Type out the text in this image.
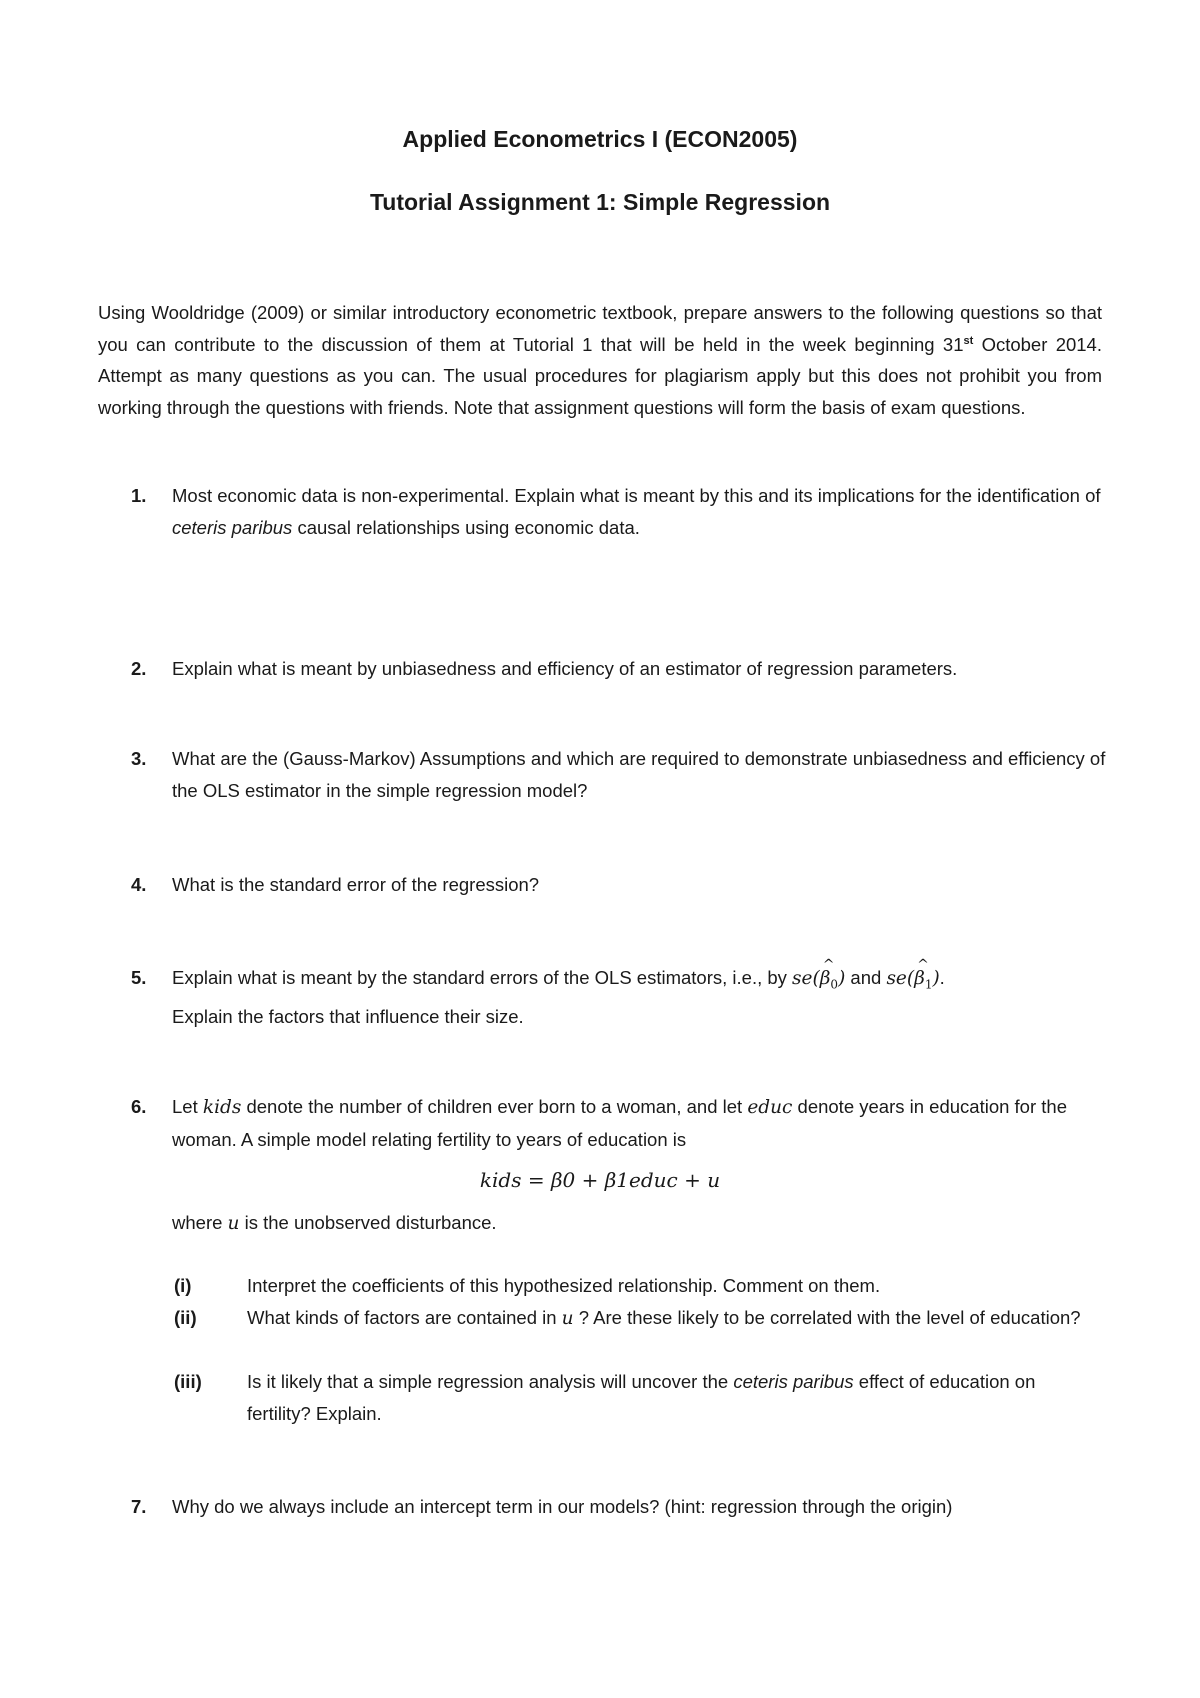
Applied Econometrics I (ECON2005)
Tutorial Assignment 1: Simple Regression
Using Wooldridge (2009) or similar introductory econometric textbook, prepare answers to the following questions so that you can contribute to the discussion of them at Tutorial 1 that will be held in the week beginning 31st October 2014. Attempt as many questions as you can. The usual procedures for plagiarism apply but this does not prohibit you from working through the questions with friends. Note that assignment questions will form the basis of exam questions.
1. Most economic data is non-experimental. Explain what is meant by this and its implications for the identification of ceteris paribus causal relationships using economic data.
2. Explain what is meant by unbiasedness and efficiency of an estimator of regression parameters.
3. What are the (Gauss-Markov) Assumptions and which are required to demonstrate unbiasedness and efficiency of the OLS estimator in the simple regression model?
4. What is the standard error of the regression?
5. Explain what is meant by the standard errors of the OLS estimators, i.e., by se(β
^
$_0$) and se(β
^
$_1$).
Explain the factors that influence their size.
6. Let kids denote the number of children ever born to a woman, and let educ denote years in education for the woman. A simple model relating fertility to years of education is
kids = β0 + β1educ + u
where u is the unobserved disturbance.
(i)	Interpret the coefficients of this hypothesized relationship. Comment on them.
(ii)	What kinds of factors are contained in u ? Are these likely to be correlated with the level of education?
(iii) Is it likely that a simple regression analysis will uncover the ceteris paribus effect of education on fertility? Explain.
7. Why do we always include an intercept term in our models? (hint: regression through the origin)
